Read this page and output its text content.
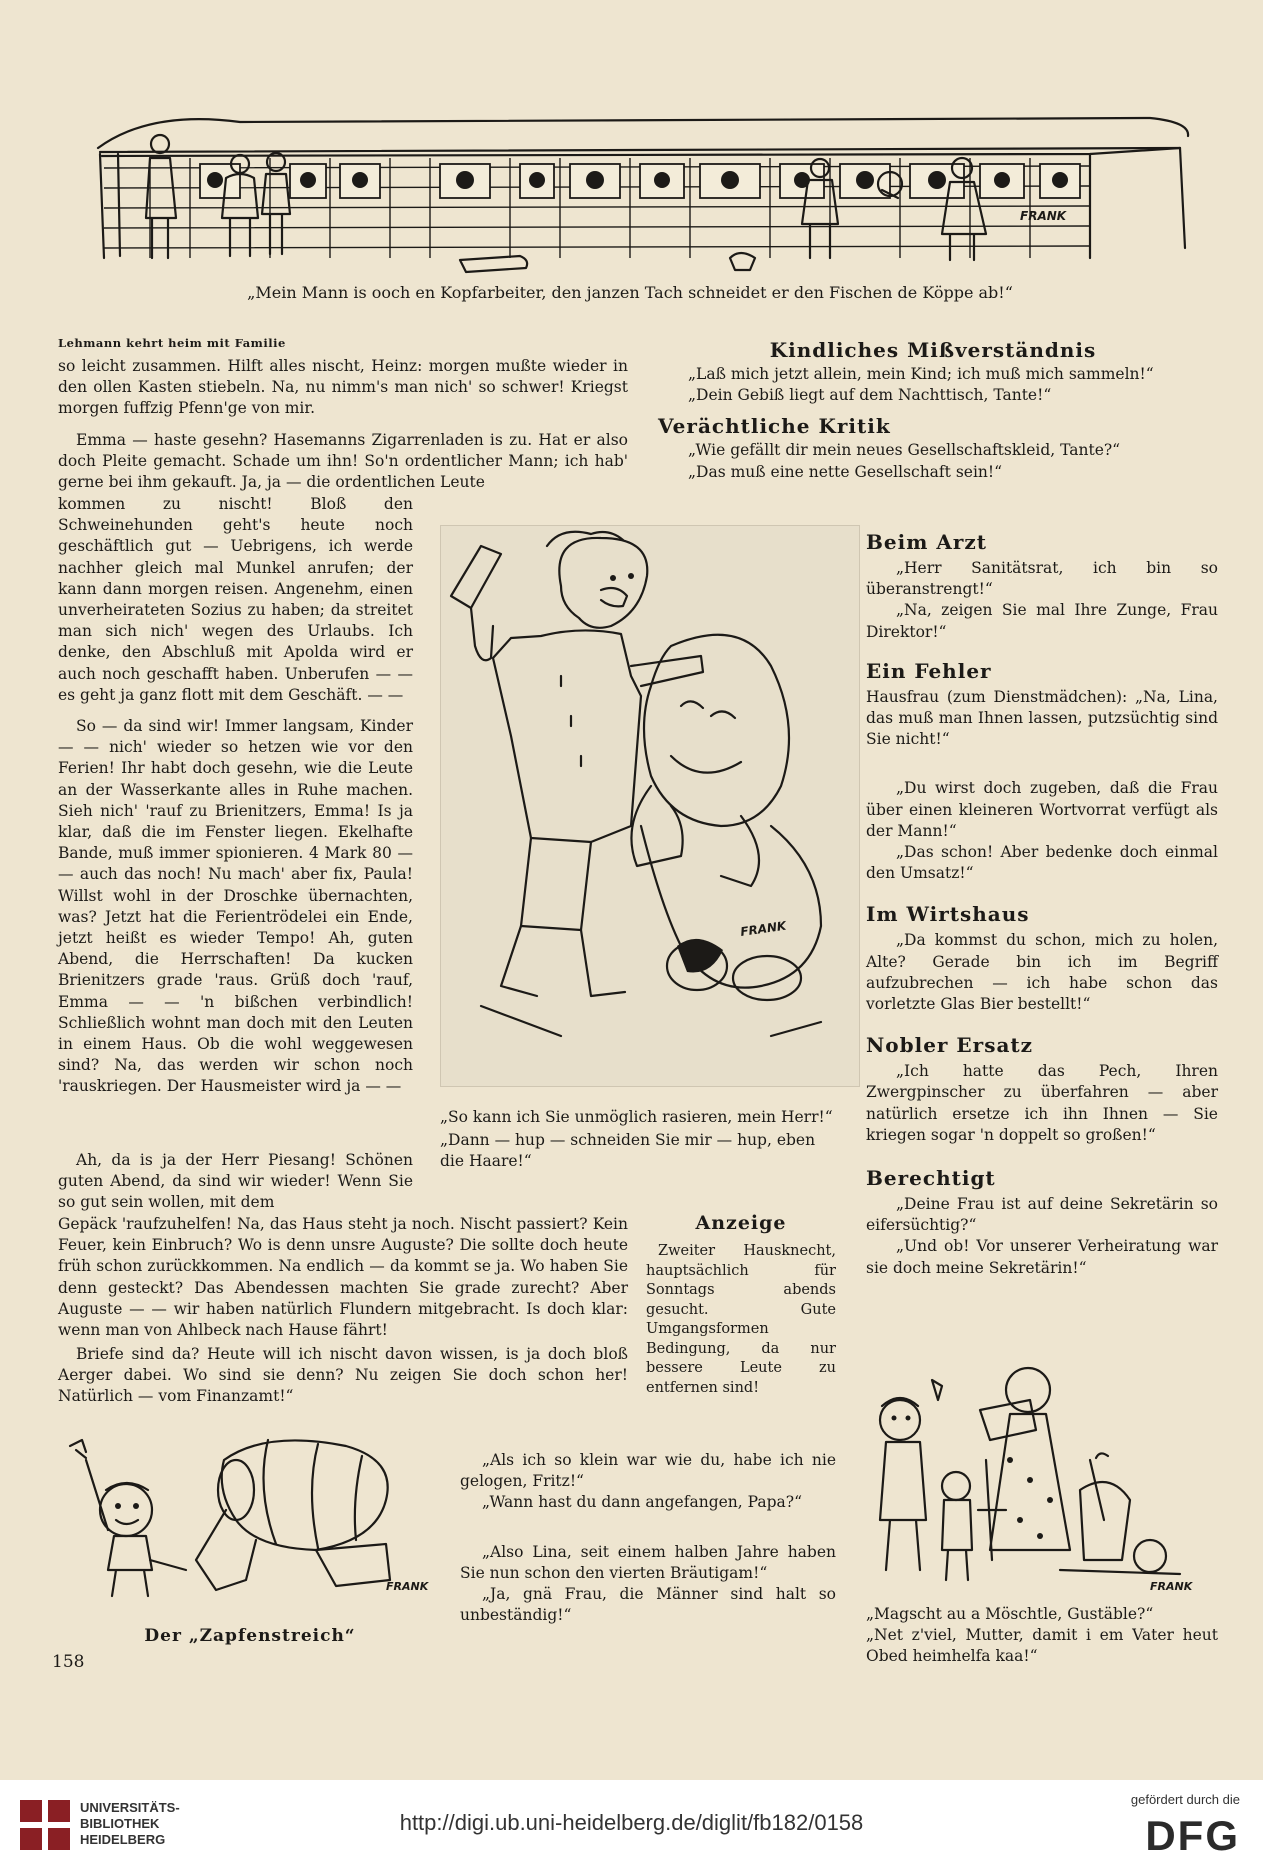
FRANK
„Mein Mann is ooch en Kopfarbeiter, den janzen Tach schneidet er den Fischen de Köppe ab!“
Lehmann kehrt heim mit Familie
so leicht zusammen. Hilft alles nischt, Heinz: morgen mußte wieder in den ollen Kasten stiebeln. Na, nu nimm's man nich' so schwer! Kriegst morgen fuffzig Pfenn'ge von mir.
Emma — haste gesehn? Hasemanns Zigarrenladen is zu. Hat er also doch Pleite gemacht. Schade um ihn! So'n ordentlicher Mann; ich hab' gerne bei ihm gekauft. Ja, ja — die ordentlichen Leute
kommen zu nischt! Bloß den Schweinehunden geht's heute noch geschäftlich gut — Uebrigens, ich werde nachher gleich mal Munkel anrufen; der kann dann morgen reisen. Angenehm, einen unverheirateten Sozius zu haben; da streitet man sich nich' wegen des Urlaubs. Ich denke, den Abschluß mit Apolda wird er auch noch geschafft haben. Unberufen — — es geht ja ganz flott mit dem Geschäft. — —
So — da sind wir! Immer langsam, Kinder — — nich' wieder so hetzen wie vor den Ferien! Ihr habt doch gesehn, wie die Leute an der Wasserkante alles in Ruhe machen. Sieh nich' 'rauf zu Brienitzers, Emma! Is ja klar, daß die im Fenster liegen. Ekelhafte Bande, muß immer spionieren. 4 Mark 80 — — auch das noch! Nu mach' aber fix, Paula! Willst wohl in der Droschke übernachten, was? Jetzt hat die Ferientrödelei ein Ende, jetzt heißt es wieder Tempo! Ah, guten Abend, die Herrschaften! Da kucken Brienitzers grade 'raus. Grüß doch 'rauf, Emma — — 'n bißchen verbindlich! Schließlich wohnt man doch mit den Leuten in einem Haus. Ob die wohl weggewesen sind? Na, das werden wir schon noch 'rauskriegen. Der Hausmeister wird ja — —
Ah, da is ja der Herr Piesang! Schönen guten Abend, da sind wir wieder! Wenn Sie so gut sein wollen, mit dem
Gepäck 'raufzuhelfen! Na, das Haus steht ja noch. Nischt passiert? Kein Feuer, kein Einbruch? Wo is denn unsre Auguste? Die sollte doch heute früh schon zurückkommen. Na endlich — da kommt se ja. Wo haben Sie denn gesteckt? Das Abendessen machten Sie grade zurecht? Aber Auguste — — wir haben natürlich Flundern mitgebracht. Is doch klar: wenn man von Ahlbeck nach Hause fährt!
Briefe sind da? Heute will ich nischt davon wissen, is ja doch bloß Aerger dabei. Wo sind sie denn? Nu zeigen Sie doch schon her! Natürlich — vom Finanzamt!“
Kindliches Mißverständnis
„Laß mich jetzt allein, mein Kind; ich muß mich sammeln!“
„Dein Gebiß liegt auf dem Nachttisch, Tante!“
Verächtliche Kritik
„Wie gefällt dir mein neues Gesellschaftskleid, Tante?“
„Das muß eine nette Gesellschaft sein!“
FRANK
„So kann ich Sie unmöglich rasieren, mein Herr!“
„Dann — hup — schneiden Sie mir — hup, eben die Haare!“
Beim Arzt
„Herr Sanitätsrat, ich bin so überanstrengt!“
„Na, zeigen Sie mal Ihre Zunge, Frau Direktor!“
Ein Fehler
Hausfrau (zum Dienstmädchen): „Na, Lina, das muß man Ihnen lassen, putzsüchtig sind Sie nicht!“
„Du wirst doch zugeben, daß die Frau über einen kleineren Wortvorrat verfügt als der Mann!“
„Das schon! Aber bedenke doch einmal den Umsatz!“
Im Wirtshaus
„Da kommst du schon, mich zu holen, Alte? Gerade bin ich im Begriff aufzubrechen — ich habe schon das vorletzte Glas Bier bestellt!“
Nobler Ersatz
„Ich hatte das Pech, Ihren Zwergpinscher zu überfahren — aber natürlich ersetze ich ihn Ihnen — Sie kriegen sogar 'n doppelt so großen!“
Berechtigt
„Deine Frau ist auf deine Sekretärin so eifersüchtig?“
„Und ob! Vor unserer Verheiratung war sie doch meine Sekretärin!“
Anzeige
Zweiter Hausknecht, hauptsächlich für Sonntags abends gesucht. Gute Umgangsformen Bedingung, da nur bessere Leute zu entfernen sind!
FRANK
Der „Zapfenstreich“
„Als ich so klein war wie du, habe ich nie gelogen, Fritz!“
„Wann hast du dann angefangen, Papa?“
„Also Lina, seit einem halben Jahre haben Sie nun schon den vierten Bräutigam!“
„Ja, gnä Frau, die Männer sind halt so unbeständig!“
FRANK
„Magscht au a Möschtle, Gustäble?“
„Net z'viel, Mutter, damit i em Vater heut Obed heimhelfa kaa!“
158
UNIVERSITÄTS-
BIBLIOTHEK
HEIDELBERG
http://digi.ub.uni-heidelberg.de/diglit/fb182/0158
gefördert durch die
DFG
